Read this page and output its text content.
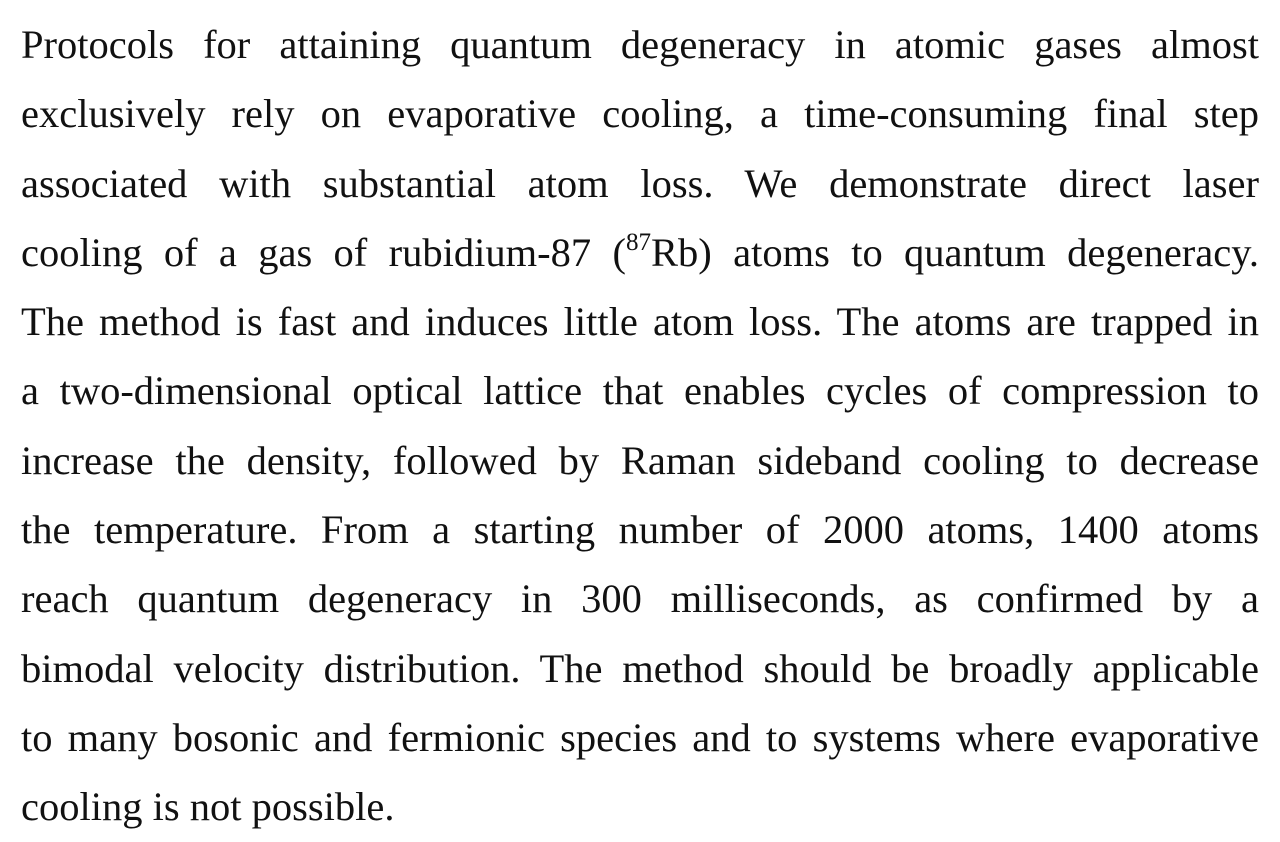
Protocols for attaining quantum degeneracy in atomic gases almost
exclusively rely on evaporative cooling, a time-consuming final step
associated with substantial atom loss. We demonstrate direct laser
cooling of a gas of rubidium-87 ($^{87}$Rb) atoms to quantum degeneracy.
The method is fast and induces little atom loss. The atoms are trapped in
a two-dimensional optical lattice that enables cycles of compression to
increase the density, followed by Raman sideband cooling to decrease
the temperature. From a starting number of 2000 atoms, 1400 atoms
reach quantum degeneracy in 300 milliseconds, as confirmed by a
bimodal velocity distribution. The method should be broadly applicable
to many bosonic and fermionic species and to systems where evaporative
cooling is not possible.
